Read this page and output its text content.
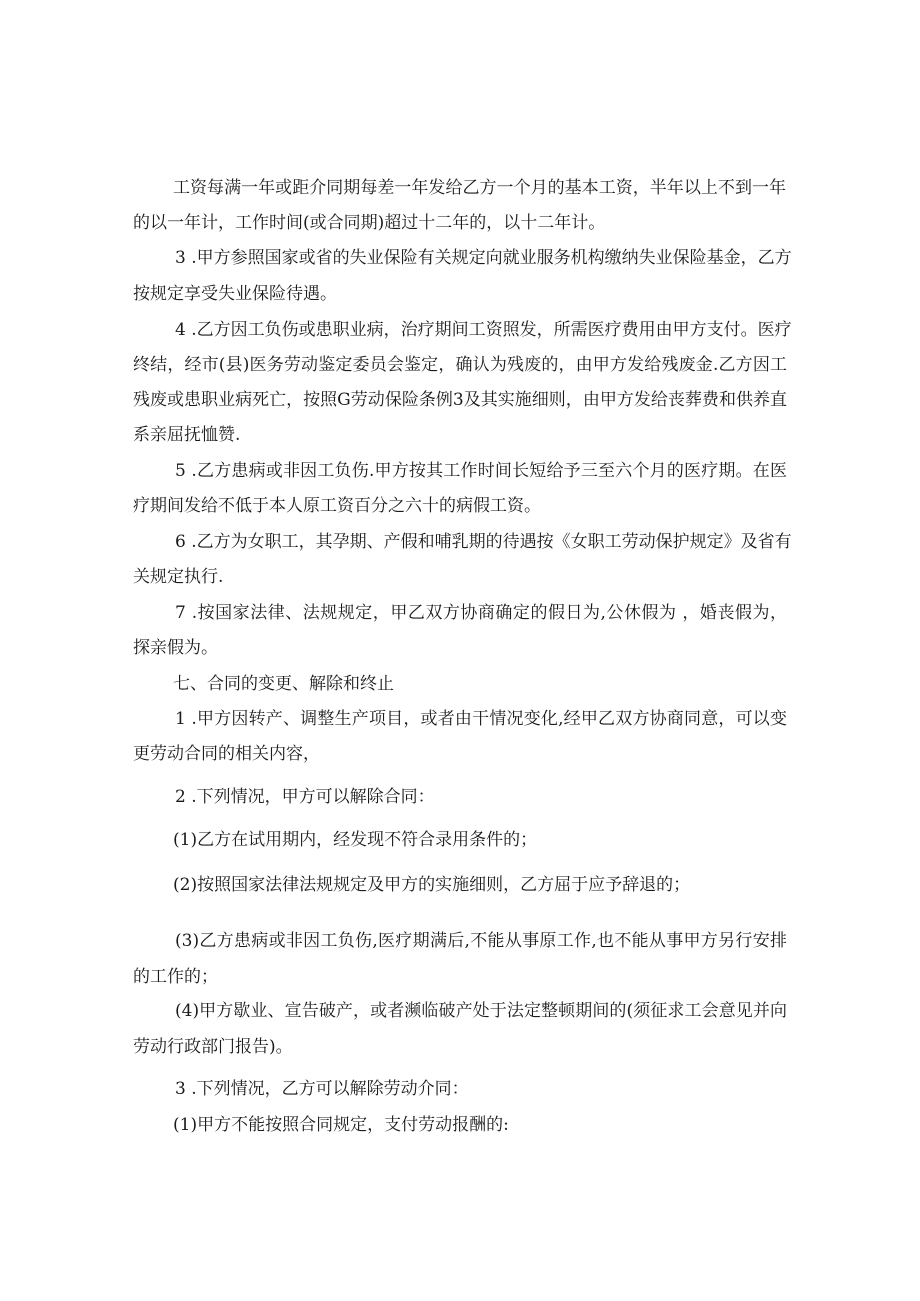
工资每满一年或距介同期每差一年发给乙方一个月的基本工资，半年以上不到一年
的以一年计，工作时间(或合同期)超过十二年的，以十二年计。
3 .甲方参照国家或省的失业保险有关规定向就业服务机构缴纳失业保险基金，乙方
按规定享受失业保险待遇。
4 .乙方因工负伤或患职业病，治疗期间工资照发，所需医疗费用由甲方支付。医疗
终结，经市(县)医务劳动鉴定委员会鉴定，确认为残废的，由甲方发给残废金.乙方因工
残废或患职业病死亡，按照G劳动保险条例3及其实施细则，由甲方发给丧葬费和供养直
系亲屈抚恤赞.
5 .乙方患病或非因工负伤.甲方按其工作时间长短给予三至六个月的医疗期。在医
疗期间发给不低于本人原工资百分之六十的病假工资。
6 .乙方为女职工，其孕期、产假和哺乳期的待遇按《女职工劳动保护规定》及省有
关规定执行.
7 .按国家法律、法规规定，甲乙双方协商确定的假日为,公休假为 ，婚丧假为，
探亲假为。
七、合同的变更、解除和终止
1 .甲方因转产、调整生产项目，或者由干情况变化,经甲乙双方协商同意，可以变
更劳动合同的相关内容，
2 .下列情况，甲方可以解除合同：
(1)乙方在试用期内，经发现不符合录用条件的；
(2)按照国家法律法规规定及甲方的实施细则，乙方屈于应予辞退的；
(3)乙方患病或非因工负伤,医疗期满后,不能从事原工作,也不能从事甲方另行安排
的工作的；
(4)甲方歇业、宣告破产，或者濒临破产处于法定整顿期间的(须征求工会意见并向
劳动行政部门报告)。
3 .下列情况，乙方可以解除劳动介同：
(1)甲方不能按照合同规定，支付劳动报酬的:
